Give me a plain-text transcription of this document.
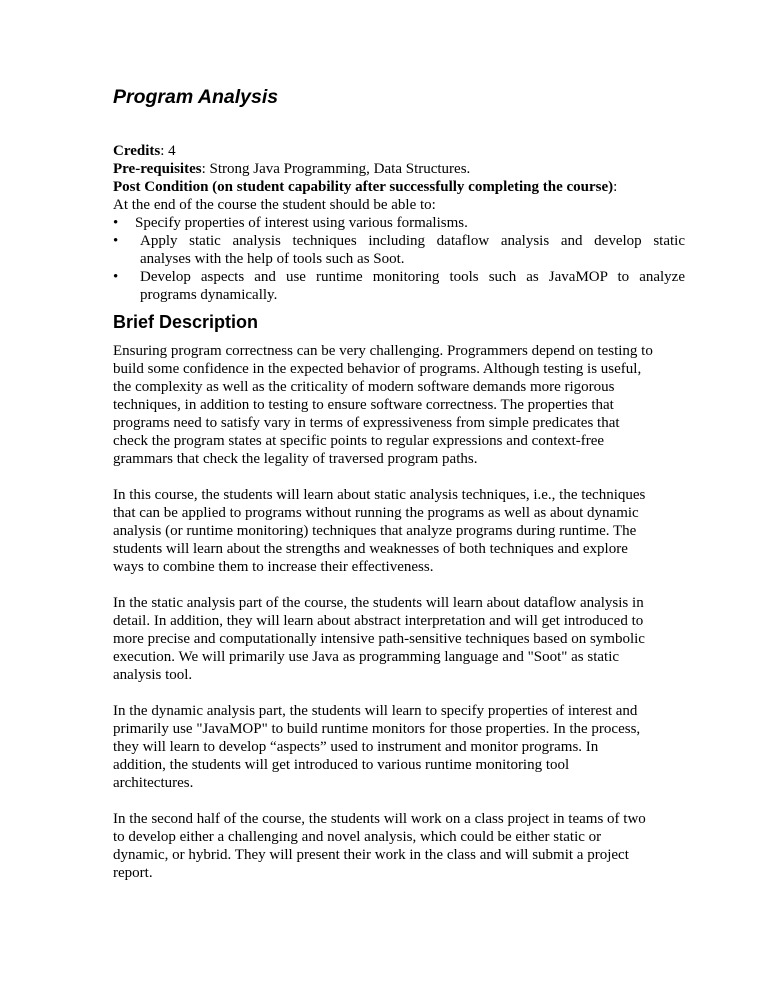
Program Analysis
Credits: 4
Pre-requisites: Strong Java Programming, Data Structures.
Post Condition (on student capability after successfully completing the course):
At the end of the course the student should be able to:
• Specify properties of interest using various formalisms.
• Apply static analysis techniques including dataflow analysis and develop static
analyses with the help of tools such as Soot.
• Develop aspects and use runtime monitoring tools such as JavaMOP to analyze
programs dynamically.
Brief Description
Ensuring program correctness can be very challenging. Programmers depend on testing to
build some confidence in the expected behavior of programs. Although testing is useful,
the complexity as well as the criticality of modern software demands more rigorous
techniques, in addition to testing to ensure software correctness. The properties that
programs need to satisfy vary in terms of expressiveness from simple predicates that
check the program states at specific points to regular expressions and context-free
grammars that check the legality of traversed program paths.
In this course, the students will learn about static analysis techniques, i.e., the techniques
that can be applied to programs without running the programs as well as about dynamic
analysis (or runtime monitoring) techniques that analyze programs during runtime. The
students will learn about the strengths and weaknesses of both techniques and explore
ways to combine them to increase their effectiveness.
In the static analysis part of the course, the students will learn about dataflow analysis in
detail. In addition, they will learn about abstract interpretation and will get introduced to
more precise and computationally intensive path-sensitive techniques based on symbolic
execution. We will primarily use Java as programming language and "Soot" as static
analysis tool.
In the dynamic analysis part, the students will learn to specify properties of interest and
primarily use "JavaMOP" to build runtime monitors for those properties. In the process,
they will learn to develop “aspects” used to instrument and monitor programs. In
addition, the students will get introduced to various runtime monitoring tool
architectures.
In the second half of the course, the students will work on a class project in teams of two
to develop either a challenging and novel analysis, which could be either static or
dynamic, or hybrid. They will present their work in the class and will submit a project
report.
